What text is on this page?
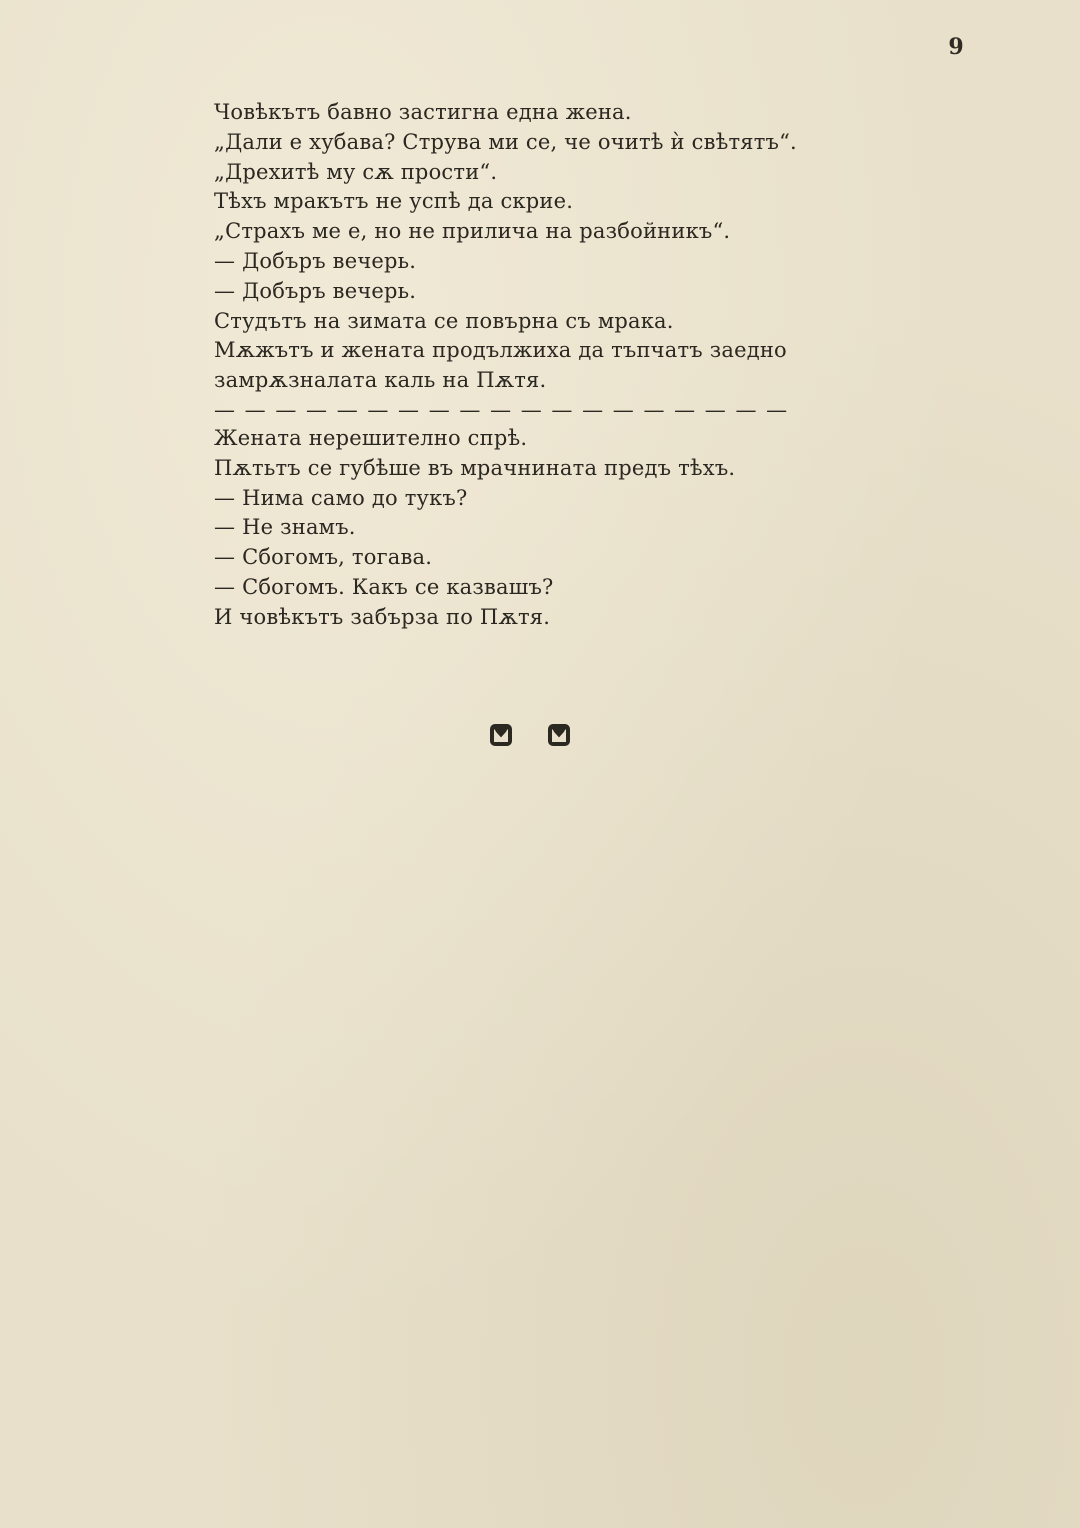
9

Човѣкътъ бавно застигна една жена.
„Дали е хубава? Струва ми се, че очитѣ ѝ свѣтятъ“.
„Дрехитѣ му сѫ прости“.
Тѣхъ мракътъ не успѣ да скрие.
„Страхъ ме е, но не прилича на разбойникъ“.
— Добъръ вечерь.
— Добъръ вечерь.
Студътъ на зимата се повърна съ мрака.
Мѫжътъ и жената продължиха да тъпчатъ заедно
замрѫзналата каль на Пѫтя.
— — — — — — — — — — — — — — — — — — —
Жената нерешително спрѣ.
Пѫтьтъ се губѣше въ мрачнината предъ тѣхъ.
— Нима само до тукъ?
— Не знамъ.
— Сбогомъ, тогава.
— Сбогомъ. Какъ се казвашъ?
И човѣкътъ забърза по Пѫтя.
